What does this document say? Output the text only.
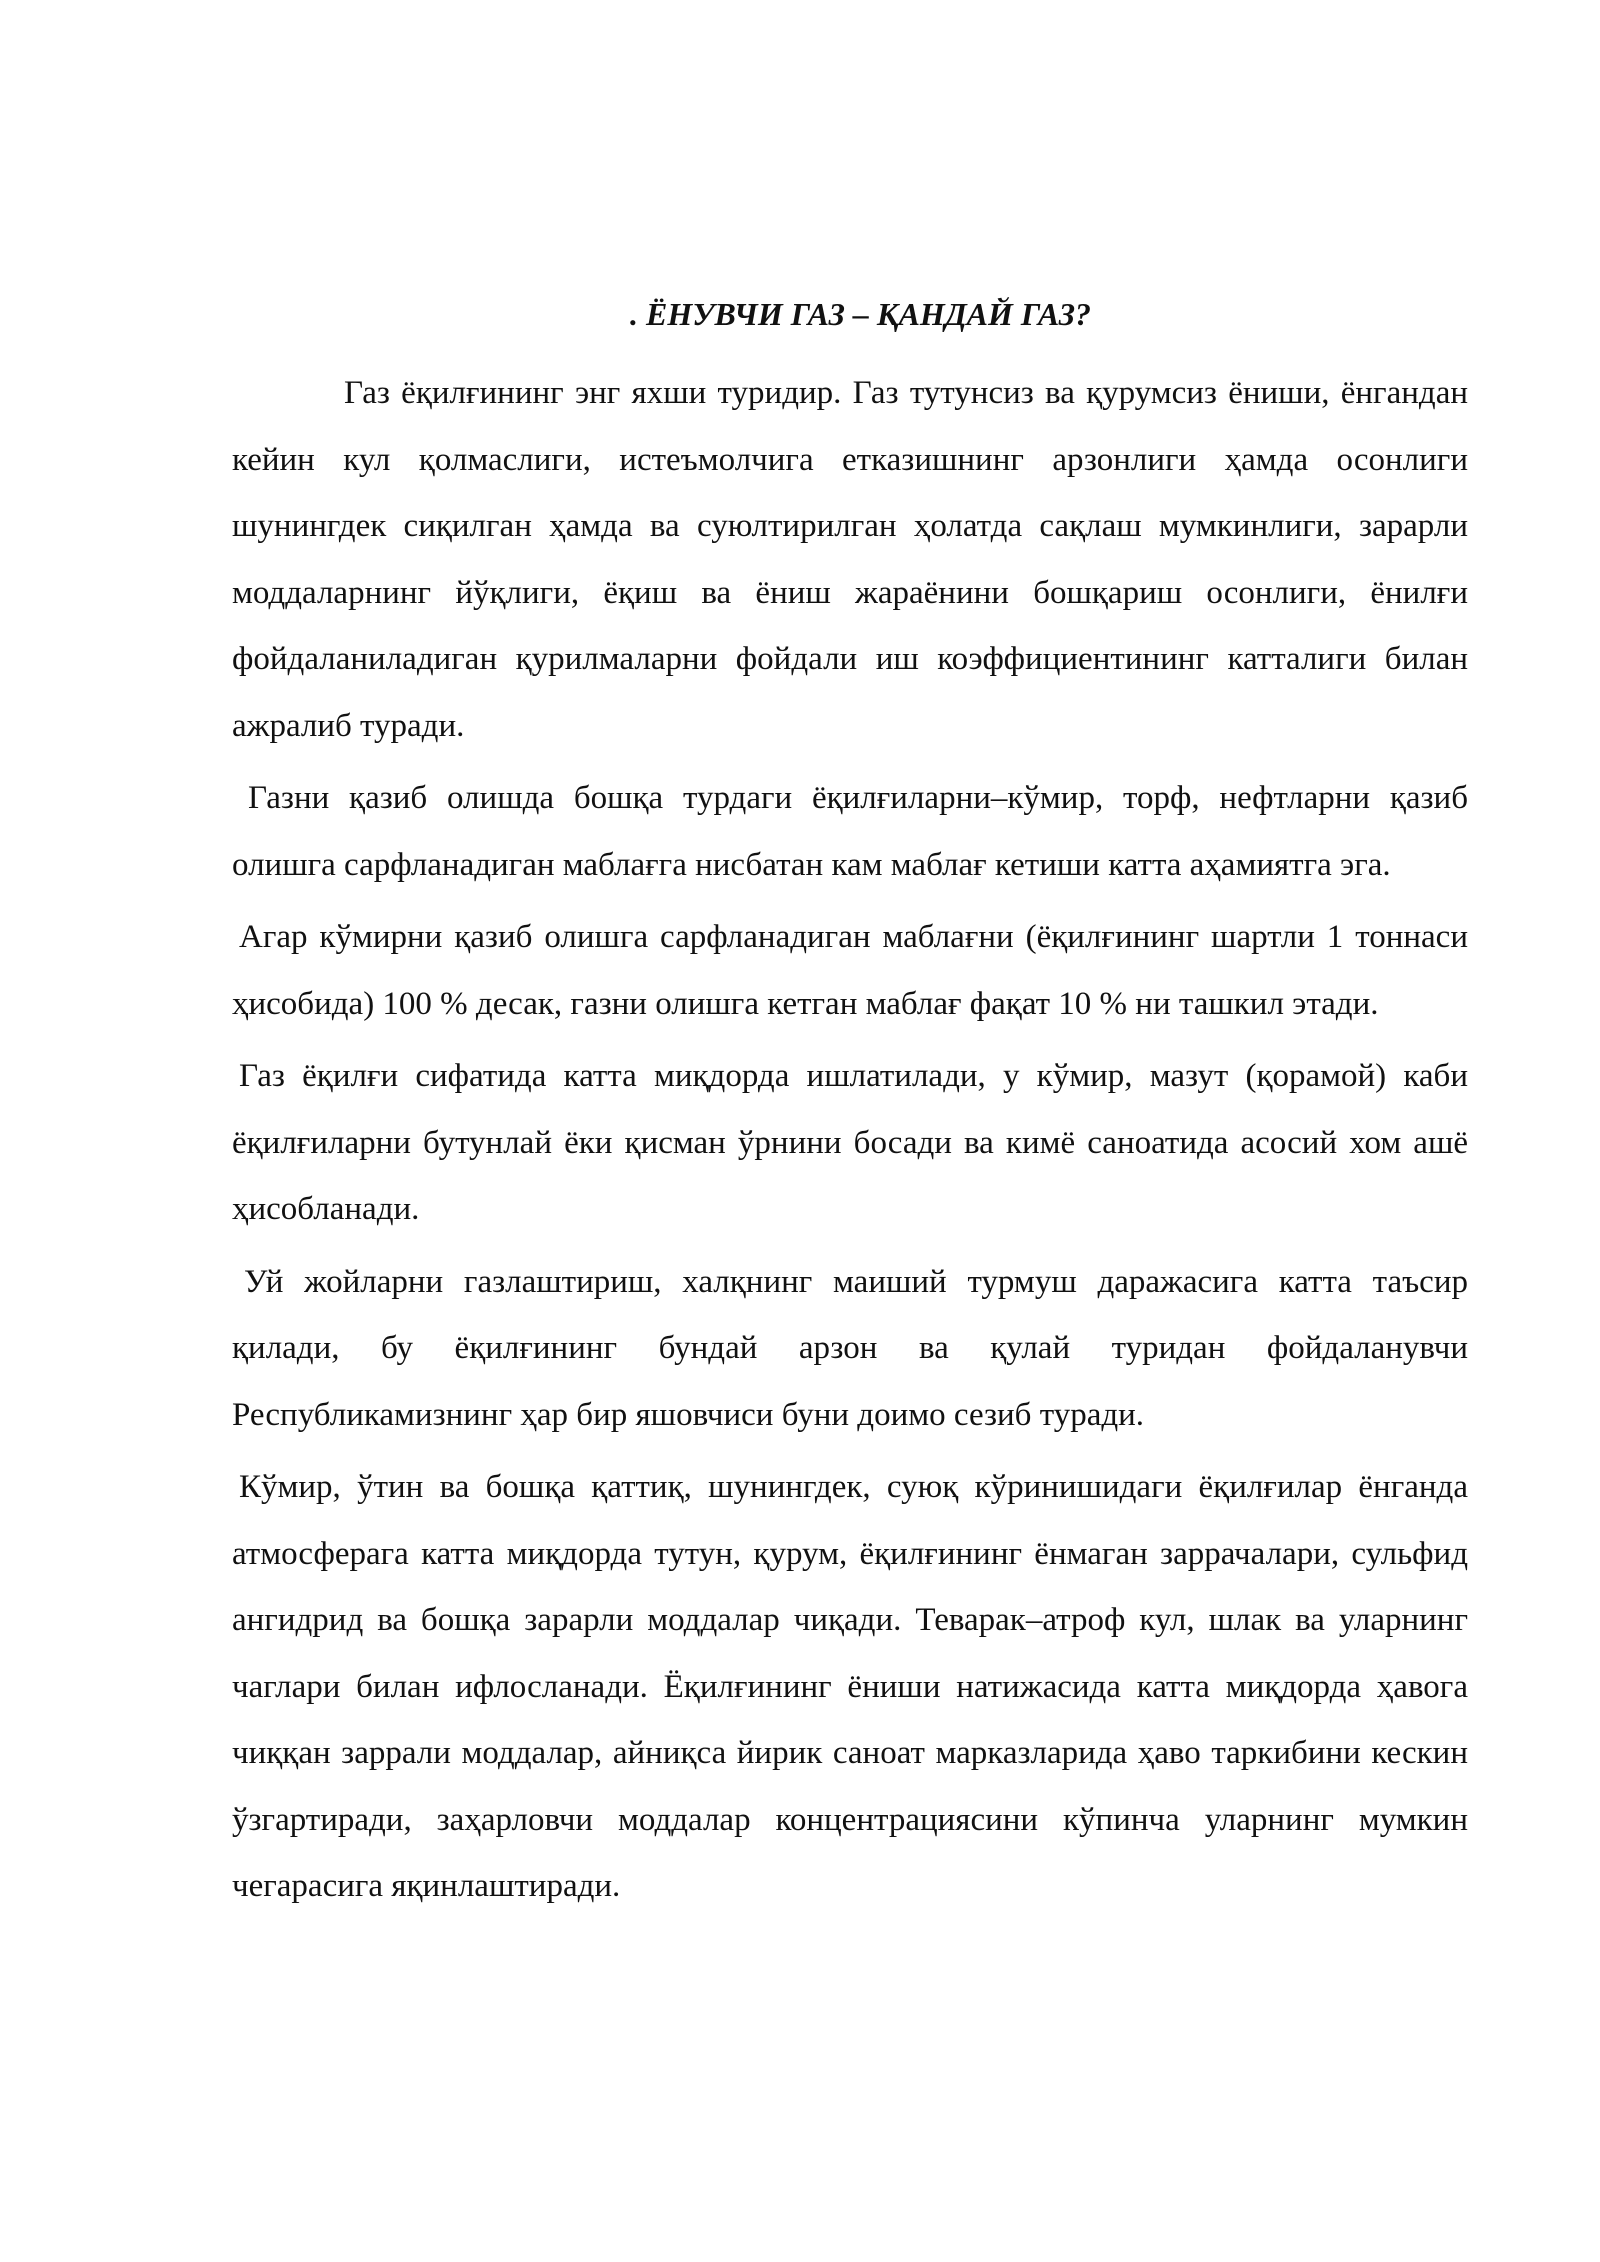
. ЁНУВЧИ ГАЗ – ҚАНДАЙ ГАЗ?

Газ ёқилғининг энг яхши туридир. Газ тутунсиз ва қурумсиз ёниши, ёнгандан кейин кул қолмаслиги, истеъмолчига етказишнинг арзонлиги ҳамда осонлиги шунингдек сиқилган ҳамда ва суюлтирилган ҳолатда сақлаш мумкинлиги, зарарли моддаларнинг йўқлиги, ёқиш ва ёниш жараёнини бошқариш осонлиги, ёнилғи фойдаланиладиган қурилмаларни фойдали иш коэффициентининг катталиги билан ажралиб туради.

Газни қазиб олишда бошқа турдаги ёқилғиларни–кўмир, торф, нефтларни қазиб олишга сарфланадиган маблағга нисбатан кам маблағ кетиши катта аҳамиятга эга.

Агар кўмирни қазиб олишга сарфланадиган маблағни (ёқилғининг шартли 1 тоннаси ҳисобида) 100 % десак, газни олишга кетган маблағ фақат 10 % ни ташкил этади.

Газ ёқилғи сифатида катта миқдорда ишлатилади, у кўмир, мазут (қорамой) каби ёқилғиларни бутунлай ёки қисман ўрнини босади ва кимё саноатида асосий хом ашё ҳисобланади.

Уй жойларни газлаштириш, халқнинг маиший турмуш даражасига катта таъсир қилади, бу ёқилғининг бундай арзон ва қулай туридан фойдаланувчи Республикамизнинг ҳар бир яшовчиси буни доимо сезиб туради.

Кўмир, ўтин ва бошқа қаттиқ, шунингдек, суюқ кўринишидаги ёқилғилар ёнганда атмосферага катта миқдорда тутун, қурум, ёқилғининг ёнмаган заррачалари, сульфид ангидрид ва бошқа зарарли моддалар чиқади. Теварак–атроф кул, шлак ва уларнинг чаглари билан ифлосланади. Ёқилғининг ёниши натижасида катта миқдорда ҳавога чиққан заррали моддалар, айниқса йирик саноат марказларида ҳаво таркибини кескин ўзгартиради, заҳарловчи моддалар концентрациясини кўпинча уларнинг мумкин чегарасига яқинлаштиради.
